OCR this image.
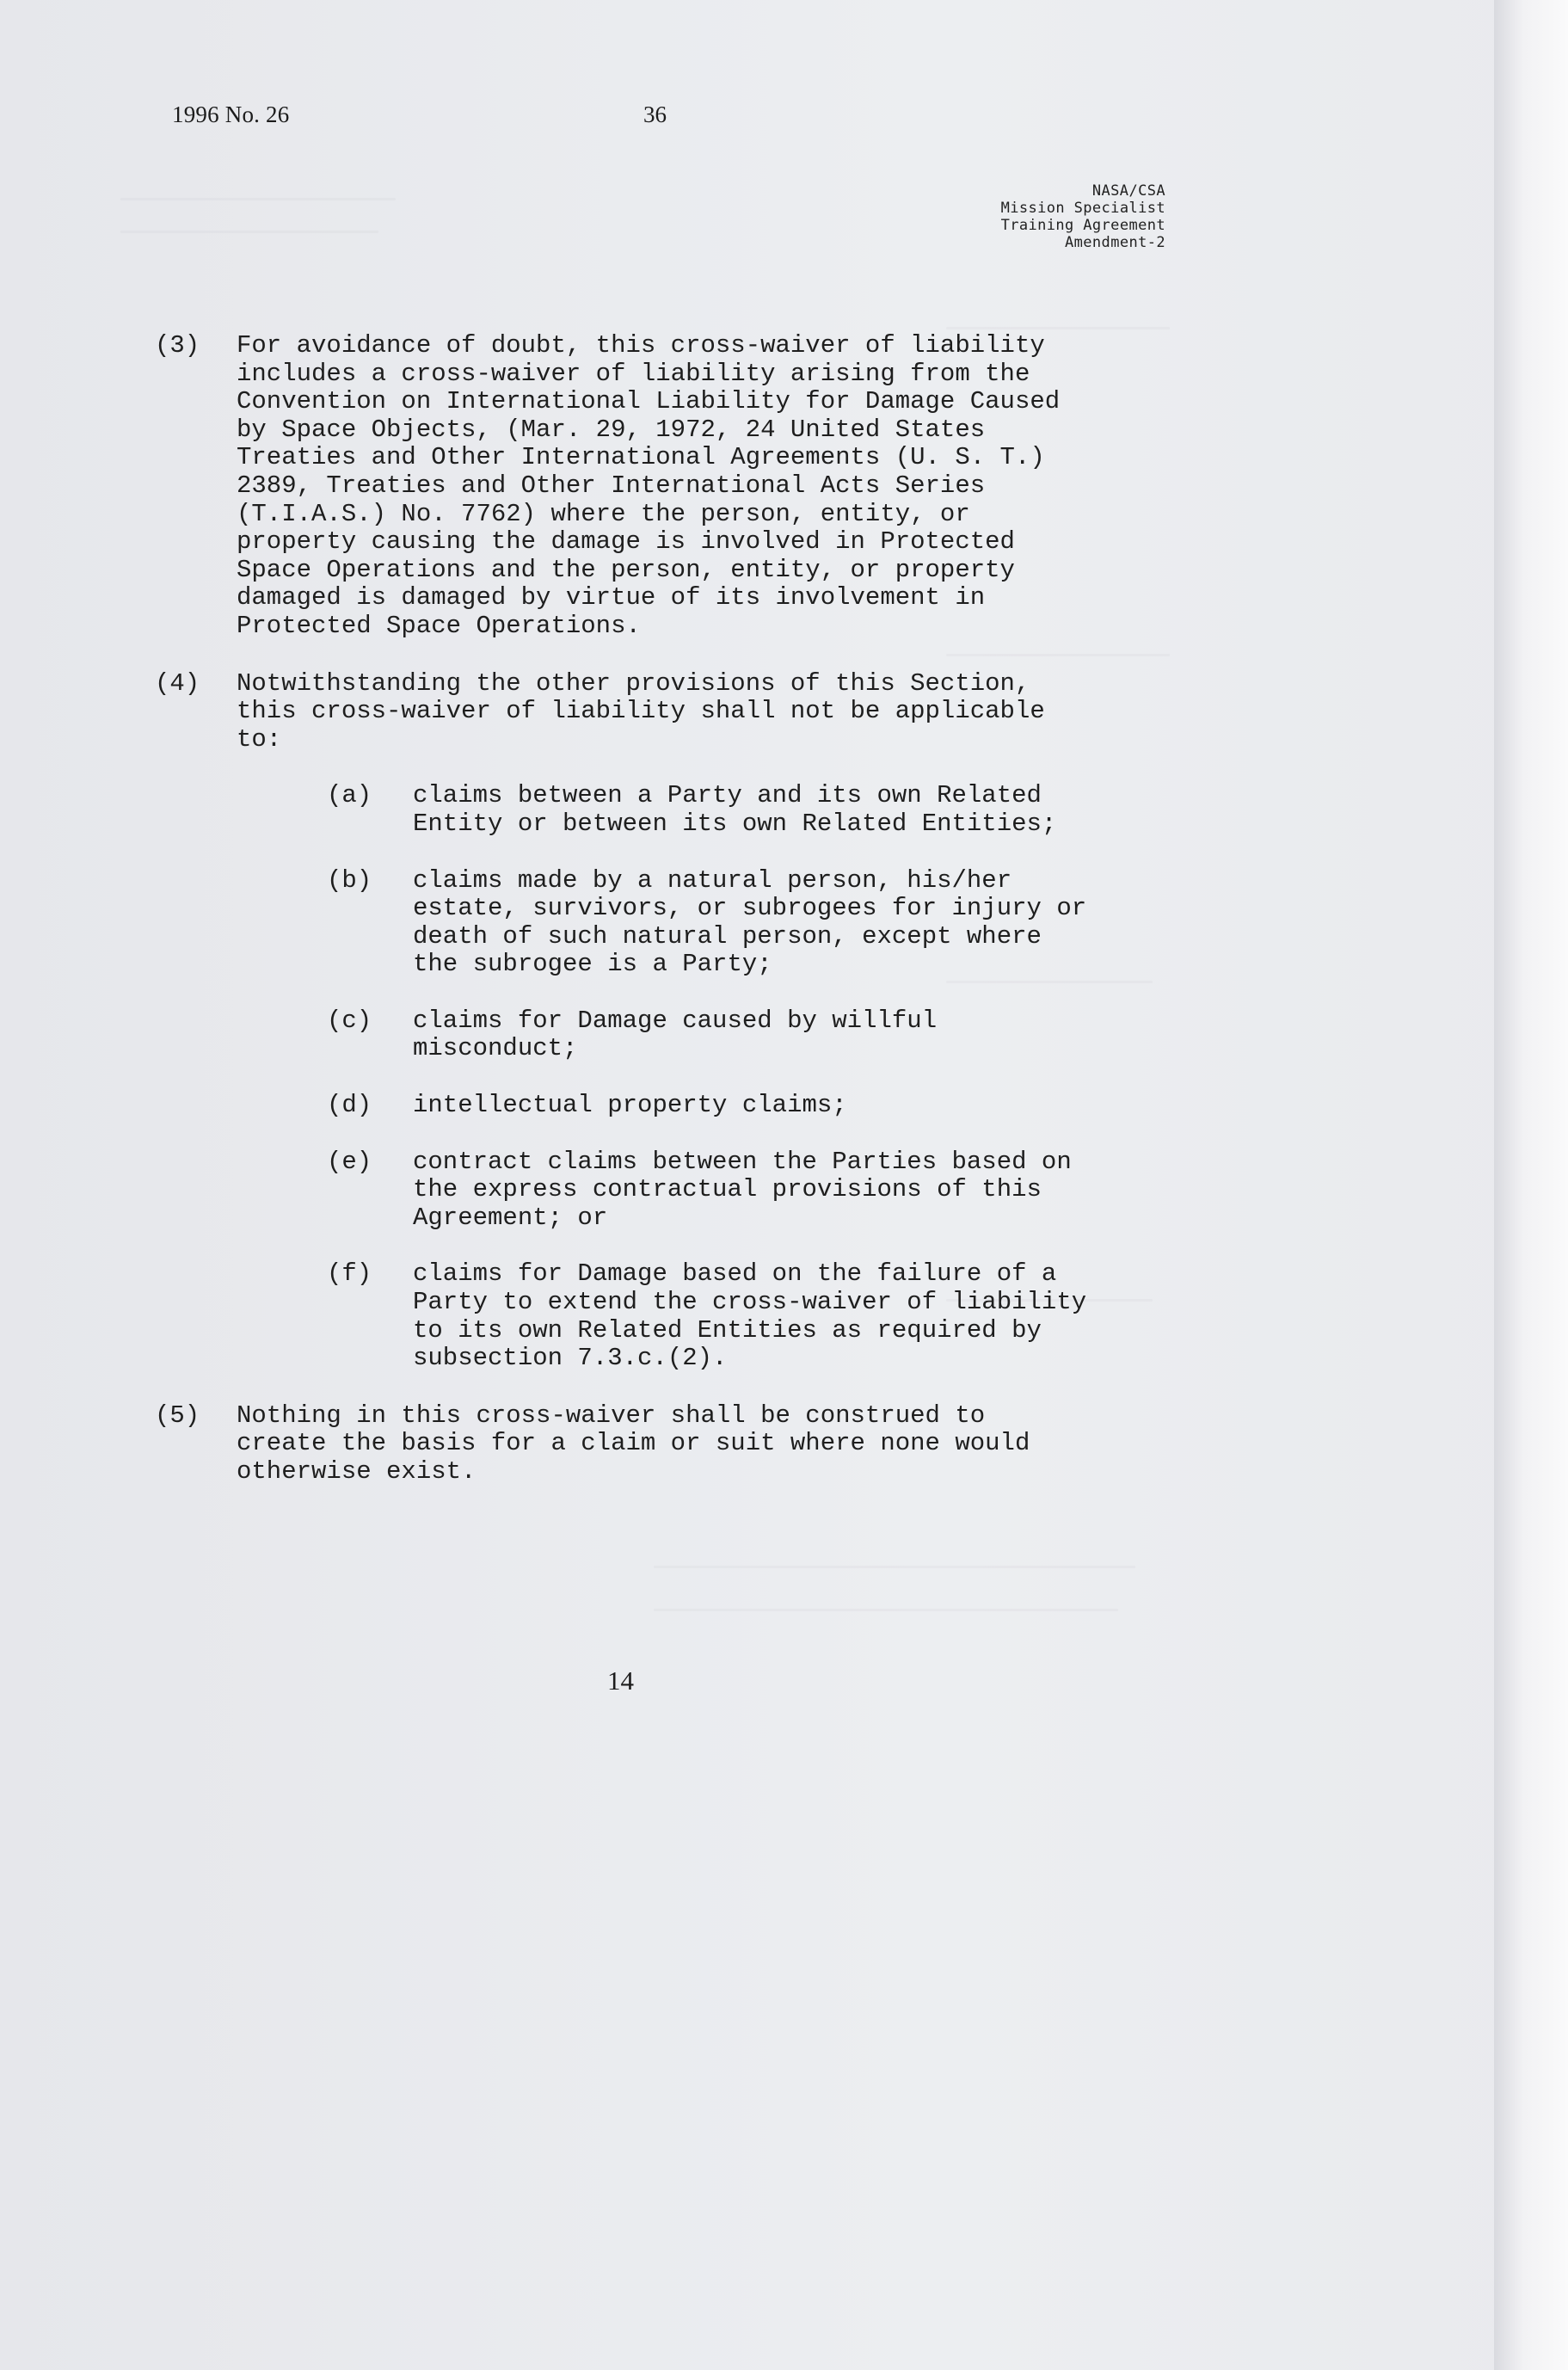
1996 No. 26	36
NASA/CSA
Mission Specialist
Training Agreement
Amendment-2
(3) For avoidance of doubt, this cross-waiver of liability
includes a cross-waiver of liability arising from the
Convention on International Liability for Damage Caused
by Space Objects, (Mar. 29, 1972, 24 United States
Treaties and Other International Agreements (U. S. T.)
2389, Treaties and Other International Acts Series
(T.I.A.S.) No. 7762) where the person, entity, or
property causing the damage is involved in Protected
Space Operations and the person, entity, or property
damaged is damaged by virtue of its involvement in
Protected Space Operations.
(4) Notwithstanding the other provisions of this Section,
this cross-waiver of liability shall not be applicable
to:
(a) claims between a Party and its own Related
Entity or between its own Related Entities;
(b) claims made by a natural person, his/her
estate, survivors, or subrogees for injury or
death of such natural person, except where
the subrogee is a Party;
(c) claims for Damage caused by willful
misconduct;
(d) intellectual property claims;
(e) contract claims between the Parties based on
the express contractual provisions of this
Agreement; or
(f) claims for Damage based on the failure of a
Party to extend the cross-waiver of liability
to its own Related Entities as required by
subsection 7.3.c.(2).
(5) Nothing in this cross-waiver shall be construed to
create the basis for a claim or suit where none would
otherwise exist.
14
